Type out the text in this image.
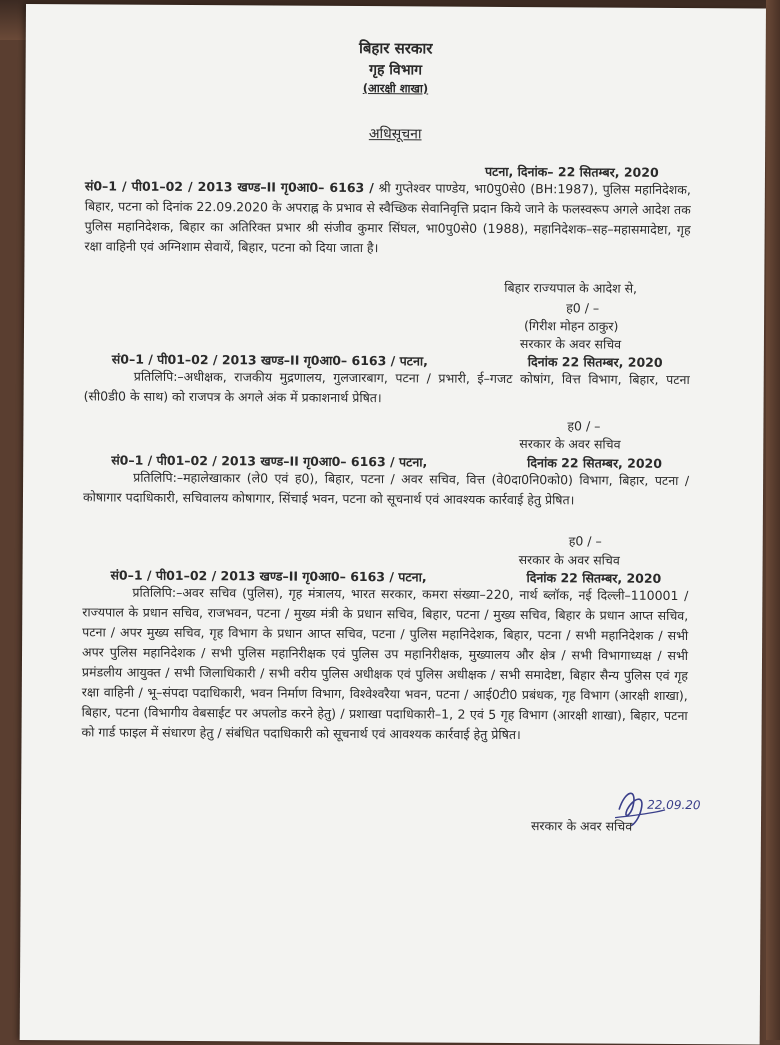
बिहार सरकार
गृह विभाग
(आरक्षी शाखा)
अधिसूचना
पटना, दिनांक– 22 सितम्बर, 2020
सं0–1 / पी01–02 / 2013 खण्ड–II गृ0आ0– 6163 / श्री गुप्तेश्वर पाण्डेय, भा0पु0से0 (BH:1987), पुलिस महानिदेशक, बिहार, पटना को दिनांक 22.09.2020 के अपराह्न के प्रभाव से स्वैच्छिक सेवानिवृत्ति प्रदान किये जाने के फलस्वरूप अगले आदेश तक पुलिस महानिदेशक, बिहार का अतिरिक्त प्रभार श्री संजीव कुमार सिंघल, भा0पु0से0 (1988), महानिदेशक–सह–महासमादेष्टा, गृह रक्षा वाहिनी एवं अग्निशाम सेवायें, बिहार, पटना को दिया जाता है।
बिहार राज्यपाल के आदेश से,
ह0 / –
(गिरीश मोहन ठाकुर)
सरकार के अवर सचिव
सं0–1 / पी01–02 / 2013 खण्ड–II गृ0आ0– 6163 / पटना,	दिनांक 22 सितम्बर, 2020
प्रतिलिपि:–अधीक्षक, राजकीय मुद्रणालय, गुलजारबाग, पटना / प्रभारी, ई–गजट कोषांग, वित्त विभाग, बिहार, पटना (सी0डी0 के साथ) को राजपत्र के अगले अंक में प्रकाशनार्थ प्रेषित।
ह0 / –
सरकार के अवर सचिव
सं0–1 / पी01–02 / 2013 खण्ड–II गृ0आ0– 6163 / पटना,	दिनांक 22 सितम्बर, 2020
प्रतिलिपि:–महालेखाकार (ले0 एवं ह0), बिहार, पटना / अवर सचिव, वित्त (वे0दा0नि0को0) विभाग, बिहार, पटना / कोषागार पदाधिकारी, सचिवालय कोषागार, सिंचाई भवन, पटना को सूचनार्थ एवं आवश्यक कार्रवाई हेतु प्रेषित।
ह0 / –
सरकार के अवर सचिव
सं0–1 / पी01–02 / 2013 खण्ड–II गृ0आ0– 6163 / पटना,	दिनांक 22 सितम्बर, 2020
प्रतिलिपि:–अवर सचिव (पुलिस), गृह मंत्रालय, भारत सरकार, कमरा संख्या–220, नार्थ ब्लॉक, नई दिल्ली–110001 / राज्यपाल के प्रधान सचिव, राजभवन, पटना / मुख्य मंत्री के प्रधान सचिव, बिहार, पटना / मुख्य सचिव, बिहार के प्रधान आप्त सचिव, पटना / अपर मुख्य सचिव, गृह विभाग के प्रधान आप्त सचिव, पटना / पुलिस महानिदेशक, बिहार, पटना / सभी महानिदेशक / सभी अपर पुलिस महानिदेशक / सभी पुलिस महानिरीक्षक एवं पुलिस उप महानिरीक्षक, मुख्यालय और क्षेत्र / सभी विभागाध्यक्ष / सभी प्रमंडलीय आयुक्त / सभी जिलाधिकारी / सभी वरीय पुलिस अधीक्षक एवं पुलिस अधीक्षक / सभी समादेष्टा, बिहार सैन्य पुलिस एवं गृह रक्षा वाहिनी / भू–संपदा पदाधिकारी, भवन निर्माण विभाग, विश्वेश्वरैया भवन, पटना / आई0टी0 प्रबंधक, गृह विभाग (आरक्षी शाखा), बिहार, पटना (विभागीय वेबसाईट पर अपलोड करने हेतु) / प्रशाखा पदाधिकारी–1, 2 एवं 5 गृह विभाग (आरक्षी शाखा), बिहार, पटना को गार्ड फाइल में संधारण हेतु / संबंधित पदाधिकारी को सूचनार्थ एवं आवश्यक कार्रवाई हेतु प्रेषित।
22.09.20
सरकार के अवर सचिव
